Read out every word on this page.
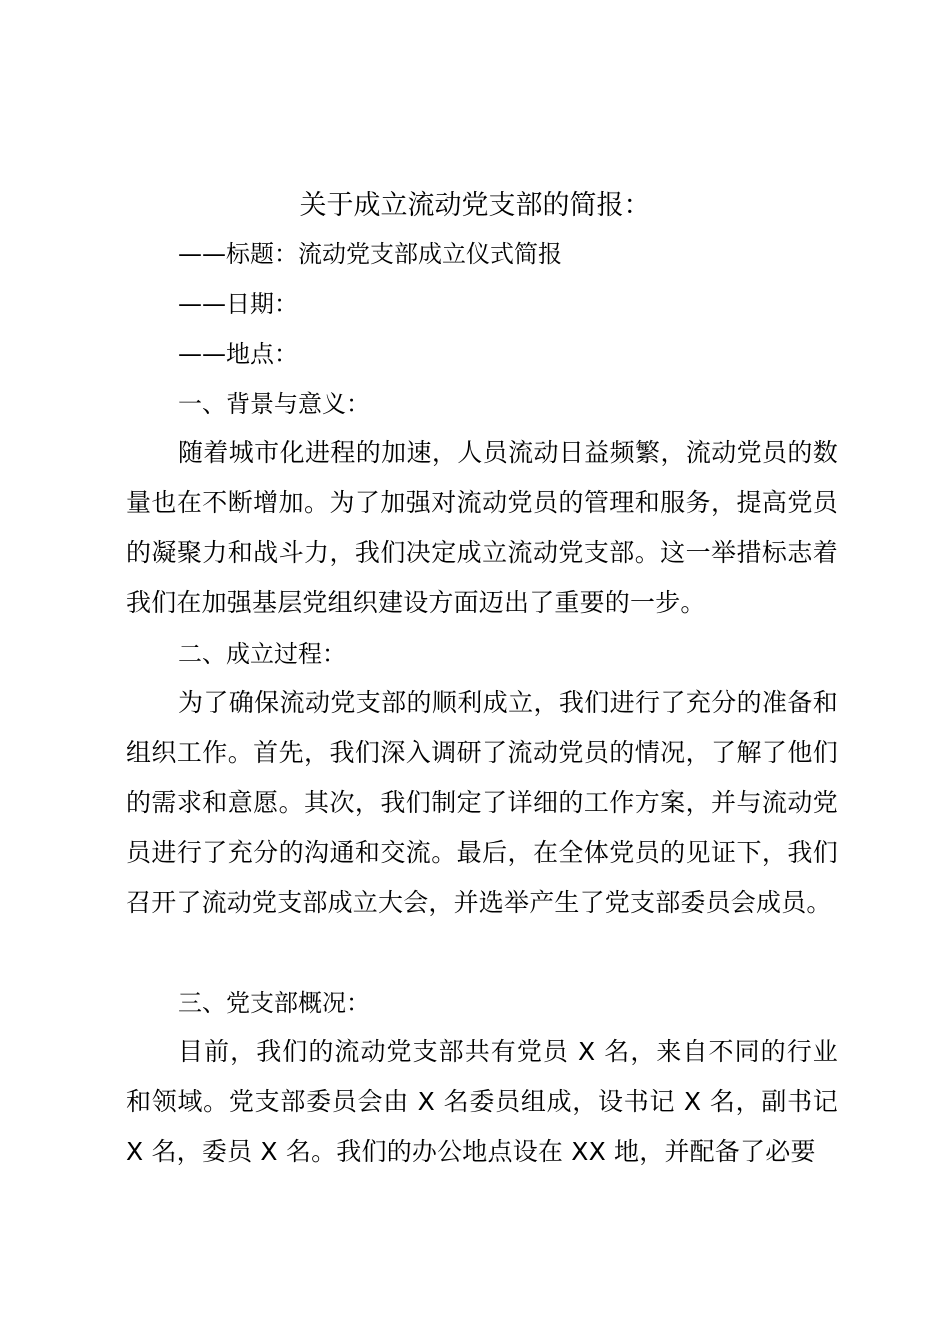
关于成立流动党支部的简报：

——标题：流动党支部成立仪式简报

——日期：

——地点：

一、背景与意义：

随着城市化进程的加速，人员流动日益频繁，流动党员的数量也在不断增加。为了加强对流动党员的管理和服务，提高党员的凝聚力和战斗力，我们决定成立流动党支部。这一举措标志着我们在加强基层党组织建设方面迈出了重要的一步。

二、成立过程：

为了确保流动党支部的顺利成立，我们进行了充分的准备和组织工作。首先，我们深入调研了流动党员的情况，了解了他们的需求和意愿。其次，我们制定了详细的工作方案，并与流动党员进行了充分的沟通和交流。最后，在全体党员的见证下，我们召开了流动党支部成立大会，并选举产生了党支部委员会成员。

三、党支部概况：

目前，我们的流动党支部共有党员 X 名，来自不同的行业和领域。党支部委员会由 X 名委员组成，设书记 X 名，副书记 X 名，委员 X 名。我们的办公地点设在 XX 地，并配备了必要
